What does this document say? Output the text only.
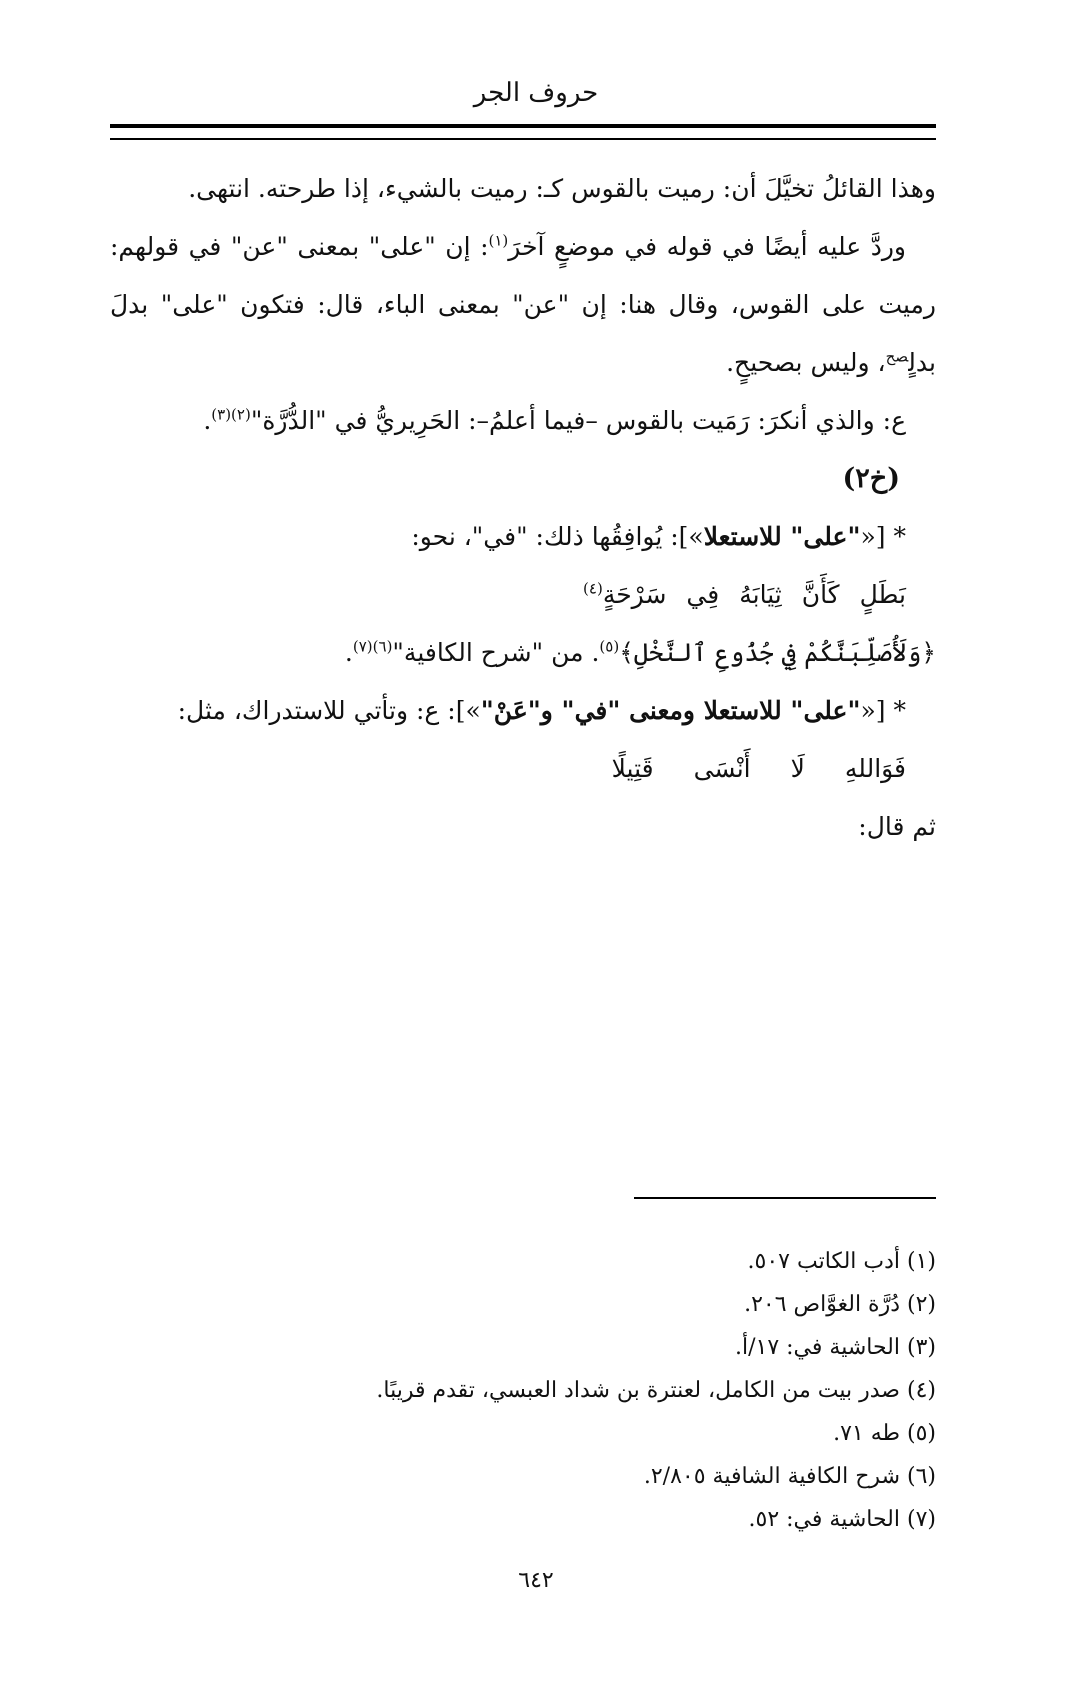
حروف الجر

وهذا القائلُ تخيَّلَ أن: رميت بالقوس كـ: رميت بالشيء، إذا طرحته. انتهى.

وردَّ عليه أيضًا في قوله في موضعٍ آخرَ$^{(١)}$: إن "على" بمعنى "عن" في قولهم: رميت على القوس، وقال هنا: إن "عن" بمعنى الباء، قال: فتكون "على" بدلَ بدلٍ$^{صح}$، وليس بصحيحٍ.

ع: والذي أنكرَ: رَمَيت بالقوس –فيما أعلمُ–: الحَرِيريُّ في "الدُّرَّة"$^{(٢)(٣)}$.

(خ٢)

* [«"على" للاستعلا»]: يُوافِقُها ذلك: "في"، نحو:

بَطَلٍكَأَنَّثِيَابَهُفِيسَرْحَةٍ$^{(٤)}$

﴿وَلَأُصَلِّبَنَّكُمْ فِي جُذُوعِ ٱلنَّخْلِ﴾$^{(٥)}$. من "شرح الكافية"$^{(٦)(٧)}$.

* [«"على" للاستعلا ومعنى "في" و"عَنْ"»]: ع: وتأتي للاستدراك، مثل:

فَوَاللهِلَاأَنْسَىقَتِيلًا

ثم قال:

(١) أدب الكاتب ٥٠٧.

(٢) دُرَّة الغوَّاص ٢٠٦.

(٣) الحاشية في: ١٧/أ.

(٤) صدر بيت من الكامل، لعنترة بن شداد العبسي، تقدم قريبًا.

(٥) طه ٧١.

(٦) شرح الكافية الشافية ٢/٨٠٥.

(٧) الحاشية في: ٥٢.

٦٤٢
